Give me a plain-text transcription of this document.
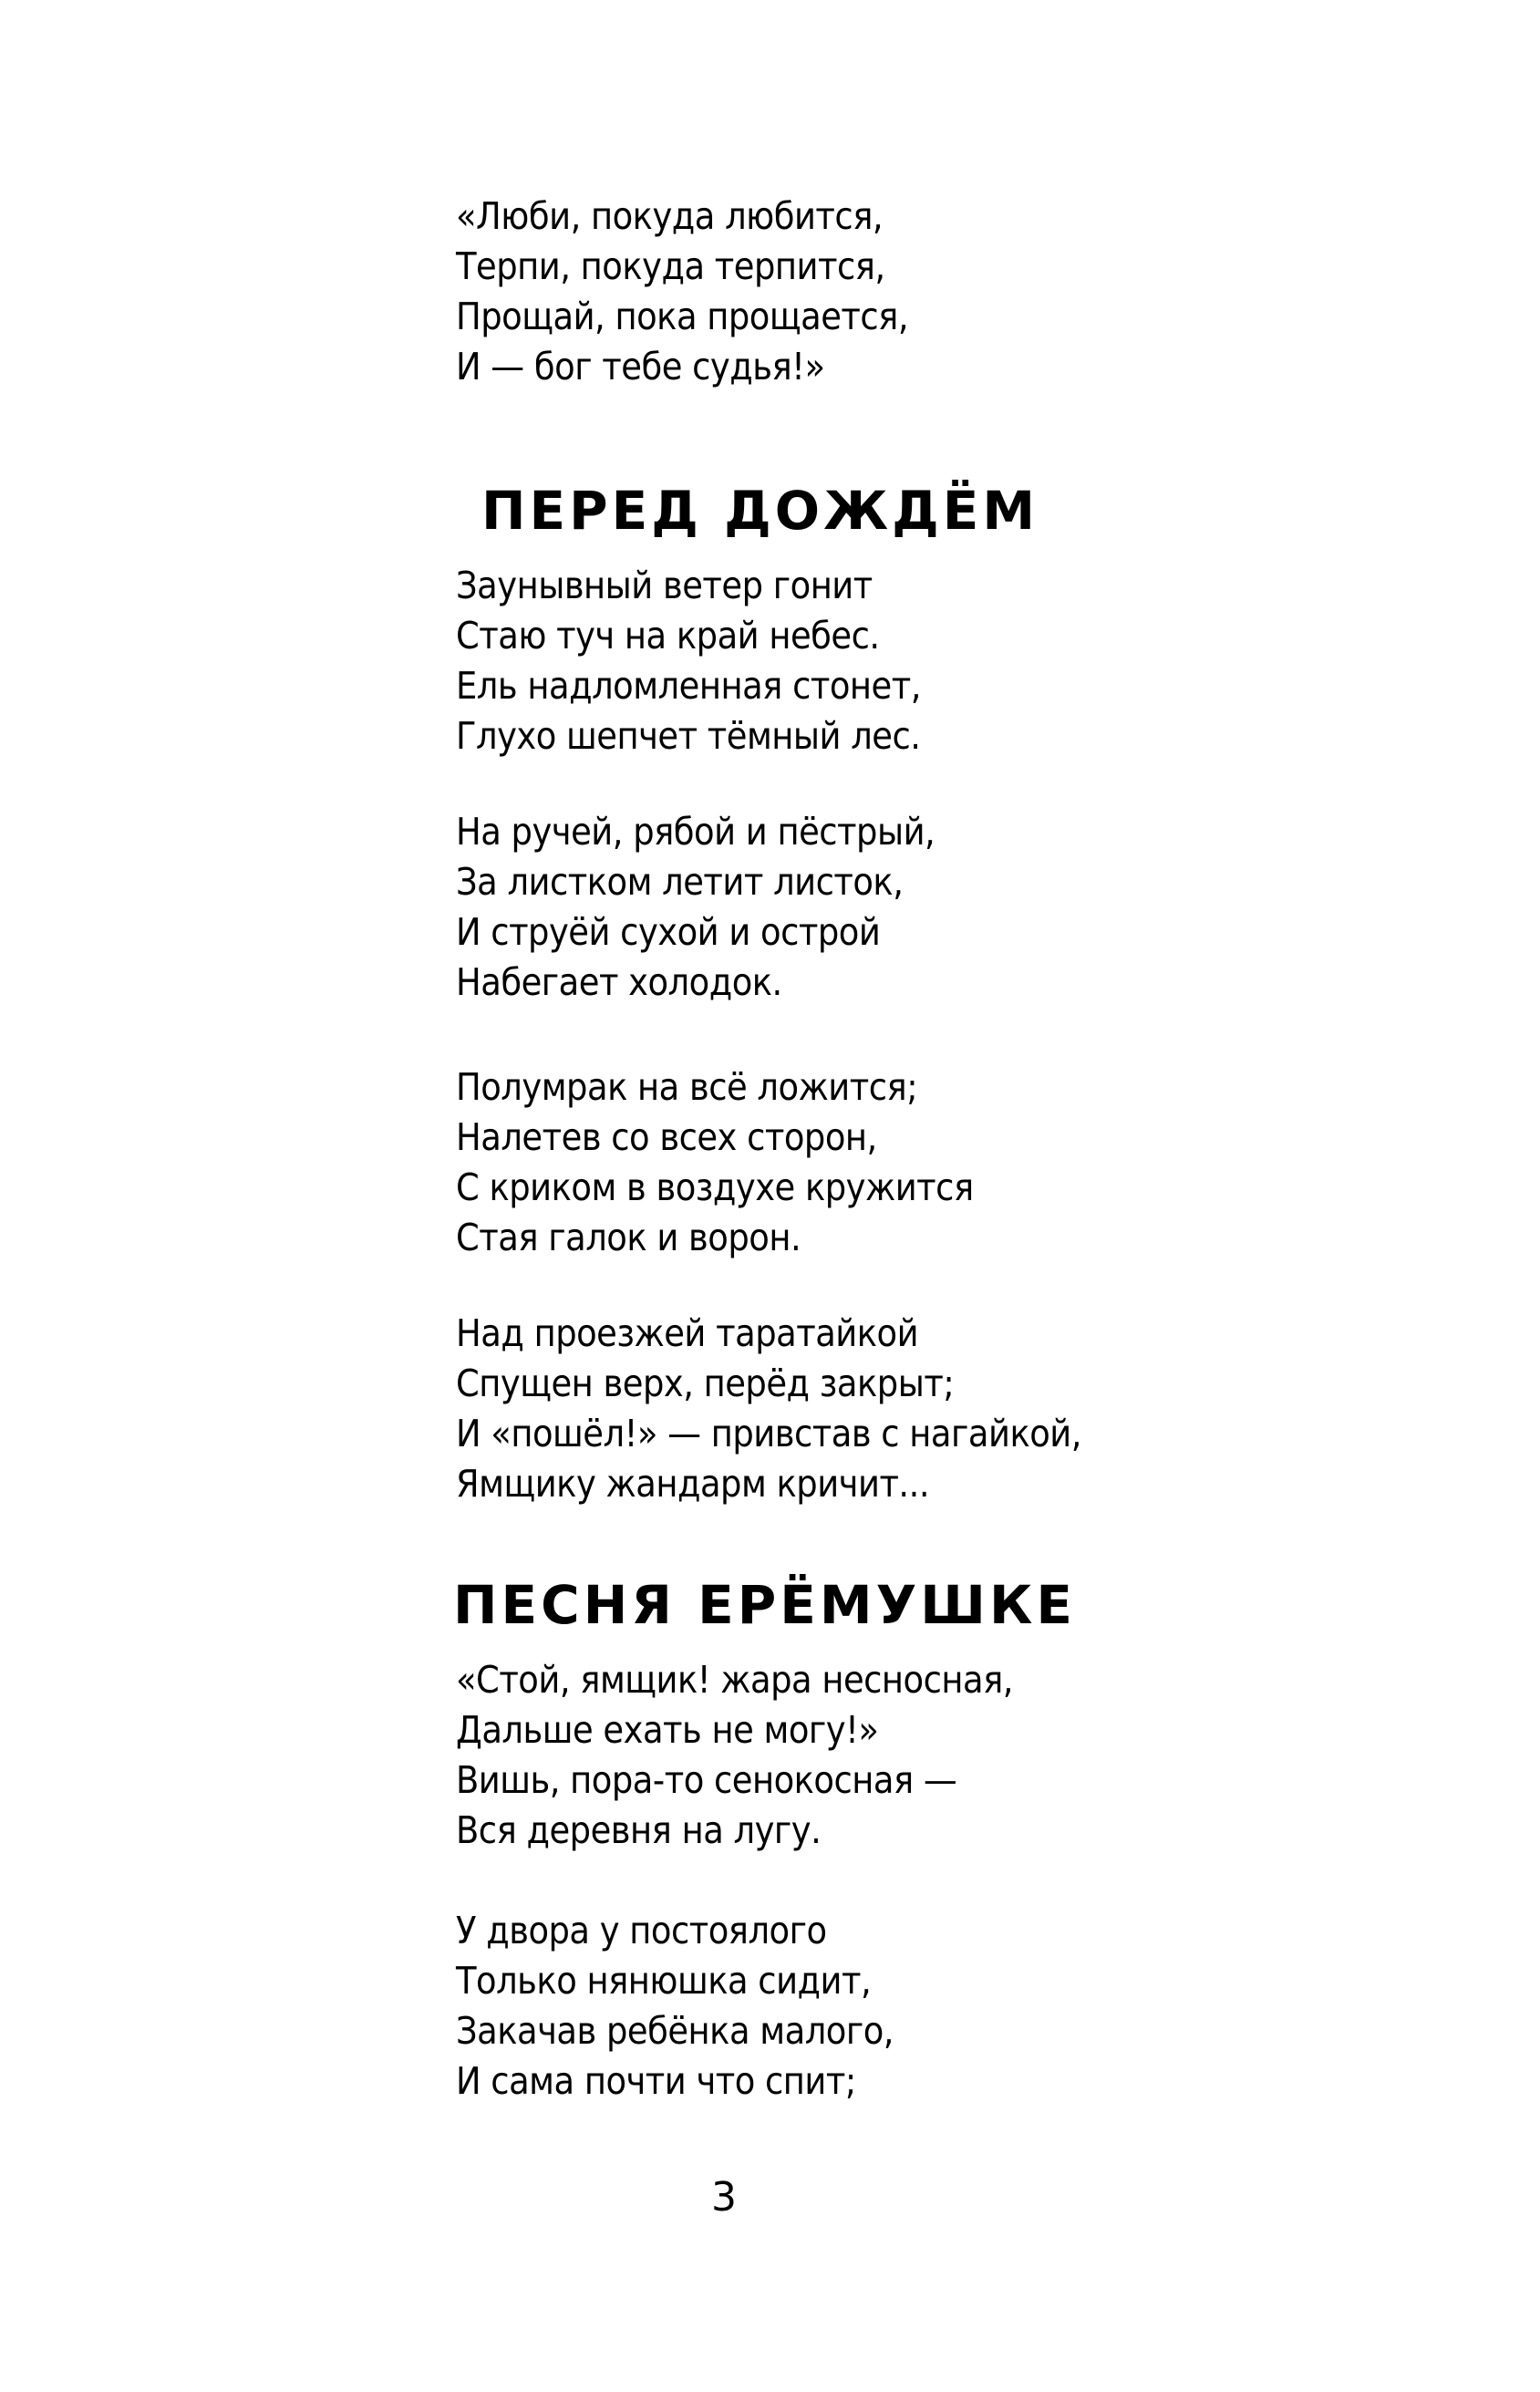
«Люби, покуда любится,
Терпи, покуда терпится,
Прощай, пока прощается,
И — бог тебе судья!»
ПЕРЕД ДОЖДЁМ
Заунывный ветер гонит
Стаю туч на край небес.
Ель надломленная стонет,
Глухо шепчет тёмный лес.
На ручей, рябой и пёстрый,
За листком летит листок,
И струёй сухой и острой
Набегает холодок.
Полумрак на всё ложится;
Налетев со всех сторон,
С криком в воздухе кружится
Стая галок и ворон.
Над проезжей таратайкой
Спущен верх, перёд закрыт;
И «пошёл!» — привстав с нагайкой,
Ямщику жандарм кричит...
ПЕСНЯ ЕРЁМУШКЕ
«Стой, ямщик! жара несносная,
Дальше ехать не могу!»
Вишь, пора-то сенокосная —
Вся деревня на лугу.
У двора у постоялого
Только нянюшка сидит,
Закачав ребёнка малого,
И сама почти что спит;
3
